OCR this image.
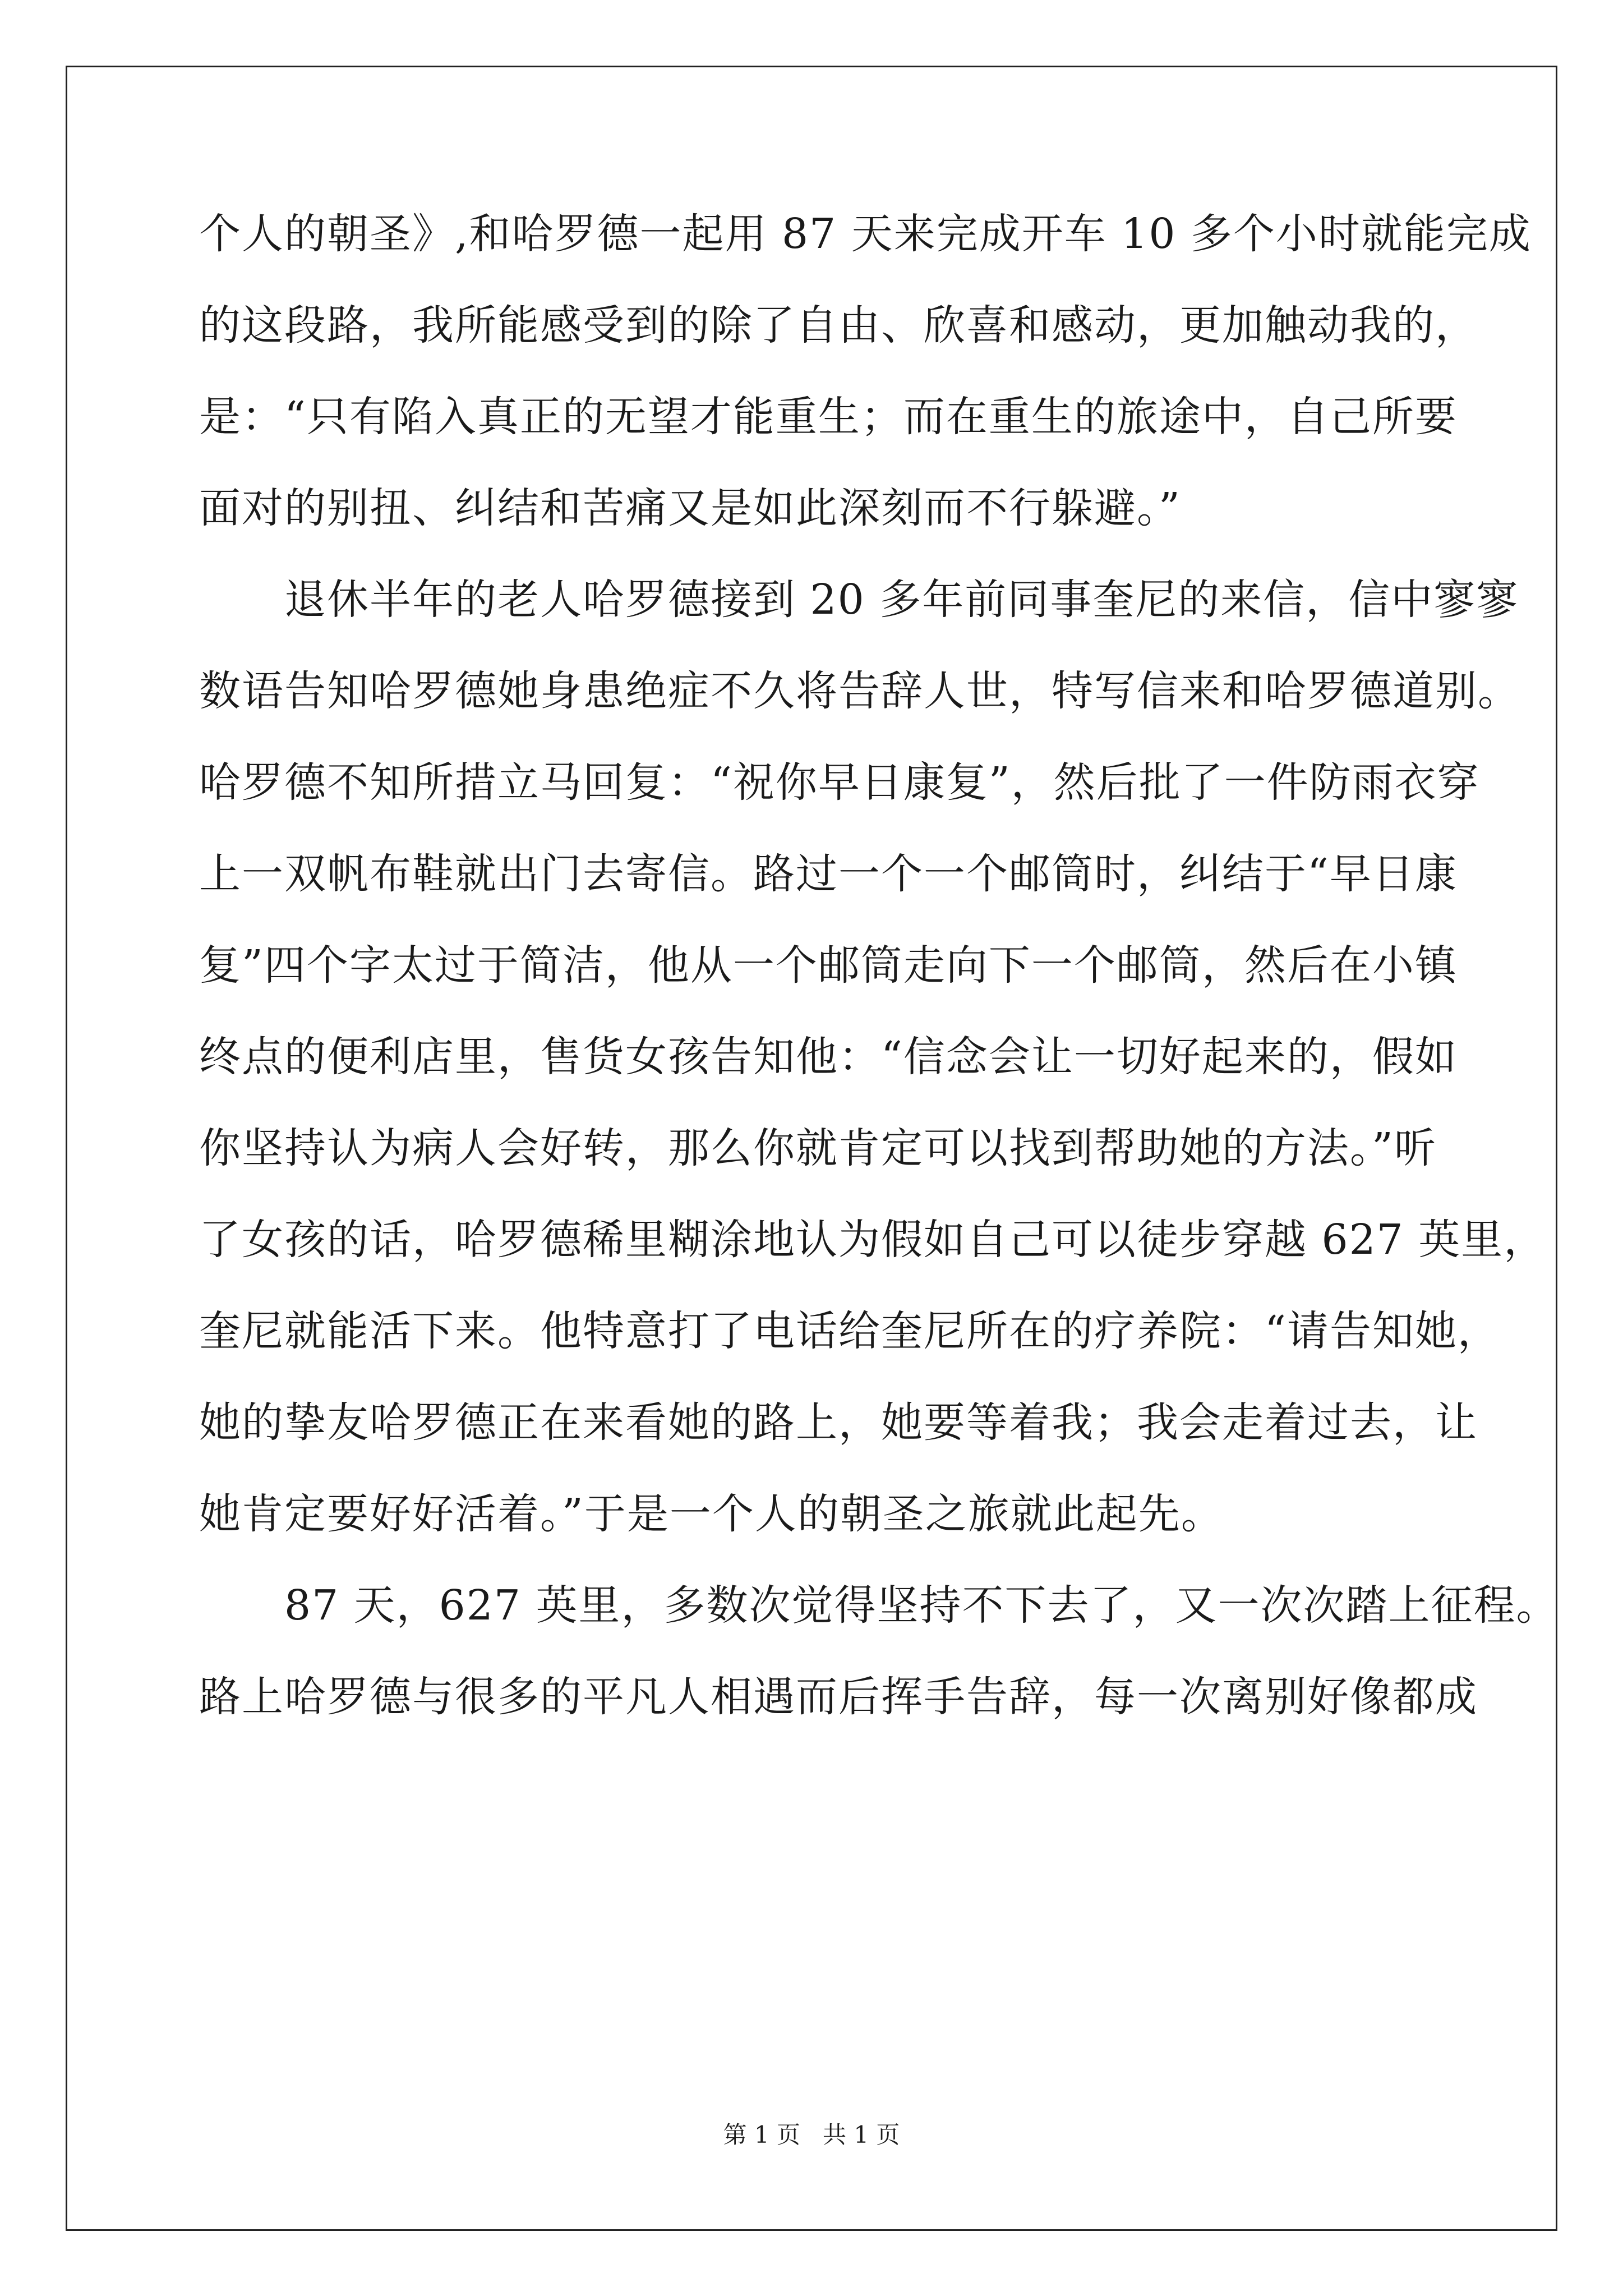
个人的朝圣》,和哈罗德一起用 87 天来完成开车 10 多个小时就能完成
的这段路，我所能感受到的除了自由、欣喜和感动，更加触动我的，
是：“只有陷入真正的无望才能重生；而在重生的旅途中，自己所要
面对的别扭、纠结和苦痛又是如此深刻而不行躲避。”
　　退休半年的老人哈罗德接到 20 多年前同事奎尼的来信，信中寥寥
数语告知哈罗德她身患绝症不久将告辞人世，特写信来和哈罗德道别。
哈罗德不知所措立马回复：“祝你早日康复”，然后批了一件防雨衣穿
上一双帆布鞋就出门去寄信。路过一个一个邮筒时，纠结于“早日康
复”四个字太过于简洁，他从一个邮筒走向下一个邮筒，然后在小镇
终点的便利店里，售货女孩告知他：“信念会让一切好起来的，假如
你坚持认为病人会好转，那么你就肯定可以找到帮助她的方法。”听
了女孩的话，哈罗德稀里糊涂地认为假如自己可以徒步穿越 627 英里，
奎尼就能活下来。他特意打了电话给奎尼所在的疗养院：“请告知她，
她的挚友哈罗德正在来看她的路上，她要等着我；我会走着过去，让
她肯定要好好活着。”于是一个人的朝圣之旅就此起先。
　　87 天，627 英里，多数次觉得坚持不下去了，又一次次踏上征程。
路上哈罗德与很多的平凡人相遇而后挥手告辞，每一次离别好像都成
第 1 页 共 1 页
